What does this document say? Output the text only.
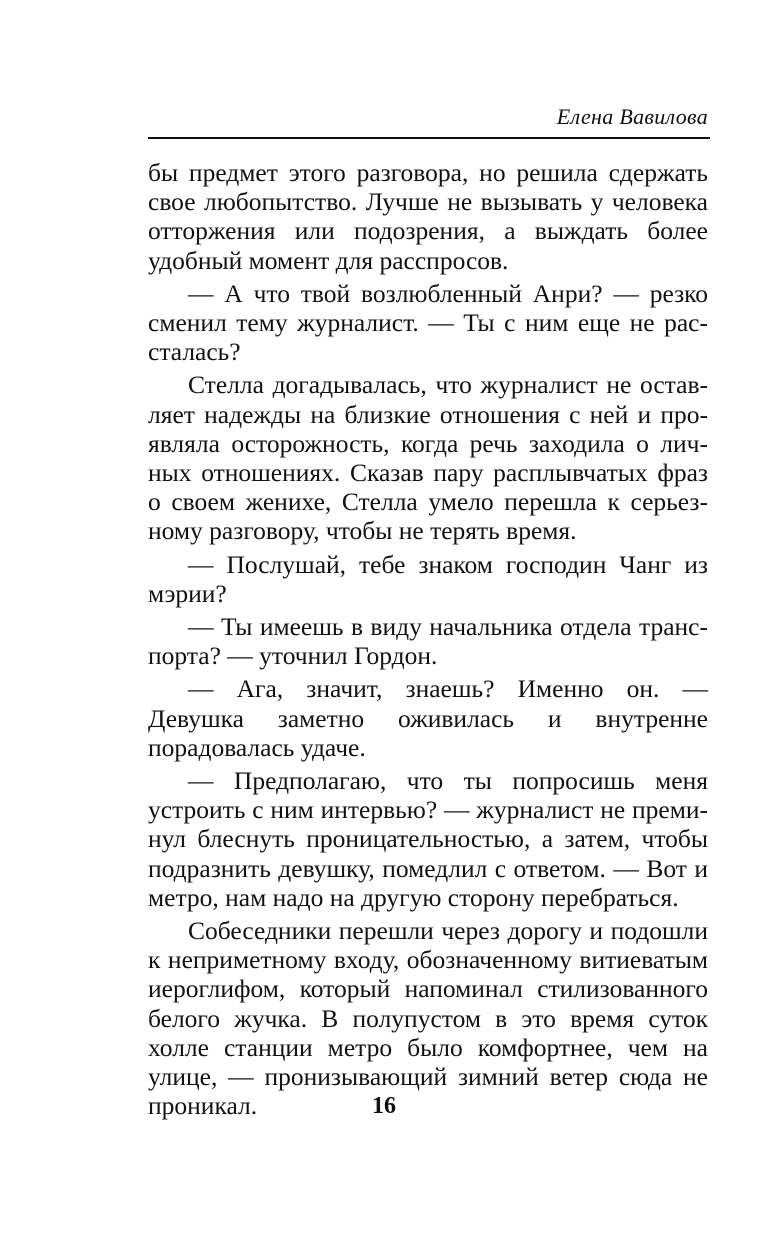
Елена Вавилова

бы предмет этого разговора, но решила сдержать свое любопытство. Лучше не вызывать у человека отторжения или подозрения, а выждать более удобный момент для расспросов.

— А что твой возлюбленный Анри? — резко сменил тему журналист. — Ты с ним еще не рассталась?

Стелла догадывалась, что журналист не оставляет надежды на близкие отношения с ней и проявляла осторожность, когда речь заходила о личных отношениях. Сказав пару расплывчатых фраз о своем женихе, Стелла умело перешла к серьезному разговору, чтобы не терять время.

— Послушай, тебе знаком господин Чанг из мэрии?

— Ты имеешь в виду начальника отдела транспорта? — уточнил Гордон.

— Ага, значит, знаешь? Именно он. — Девушка заметно оживилась и внутренне порадовалась удаче.

— Предполагаю, что ты попросишь меня устроить с ним интервью? — журналист не преминул блеснуть проницательностью, а затем, чтобы подразнить девушку, помедлил с ответом. — Вот и метро, нам надо на другую сторону перебраться.

Собеседники перешли через дорогу и подошли к неприметному входу, обозначенному витиеватым иероглифом, который напоминал стилизованного белого жучка. В полупустом в это время суток холле станции метро было комфортнее, чем на улице, — пронизывающий зимний ветер сюда не проникал.	16
